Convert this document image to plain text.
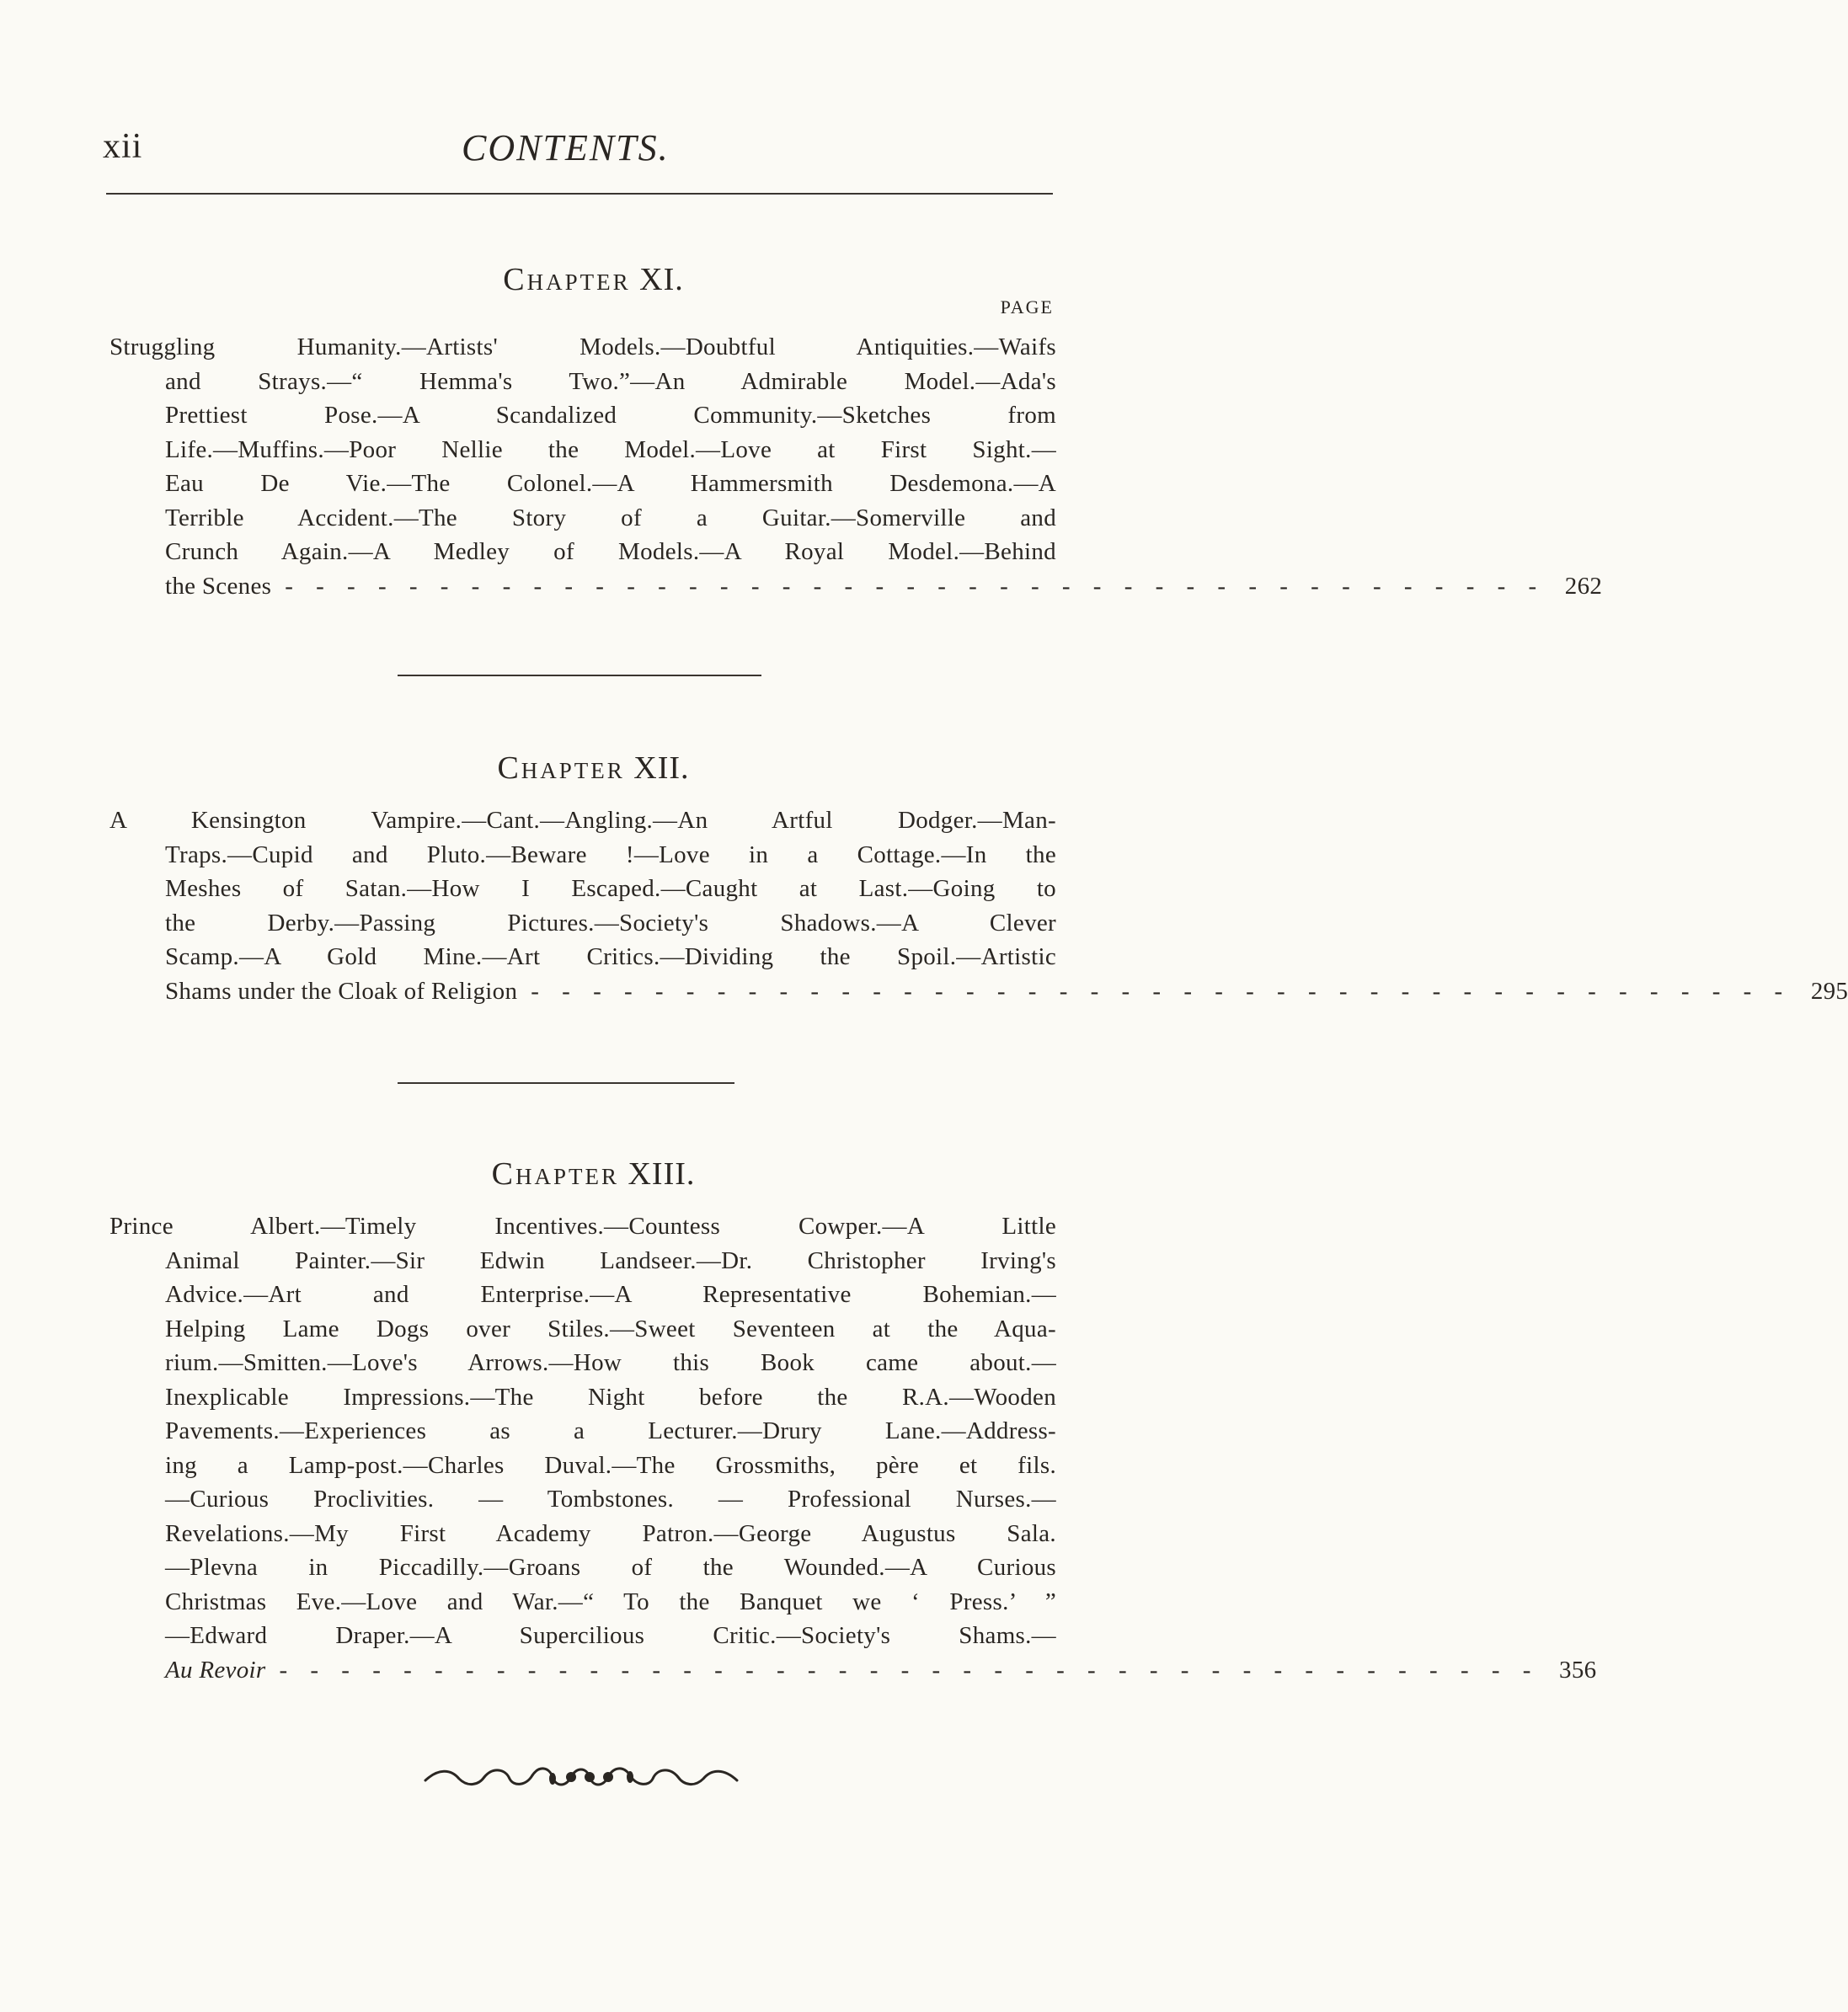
xii	CONTENTS.
Chapter XI.
PAGE
Struggling Humanity.—Artists' Models.—Doubtful Antiquities.—Waifs
and Strays.—“ Hemma's Two.”—An Admirable Model.—Ada's
Prettiest Pose.—A Scandalized Community.—Sketches from
Life.—Muffins.—Poor Nellie the Model.—Love at First Sight.—
Eau De Vie.—The Colonel.—A Hammersmith Desdemona.—A
Terrible Accident.—The Story of a Guitar.—Somerville and
Crunch Again.—A Medley of Models.—A Royal Model.—Behind
the Scenes - - - - - - - - - - - - - - - - - - - - - - - - - - - - - - - - - - - - - - - - - 262
Chapter XII.
A Kensington Vampire.—Cant.—Angling.—An Artful Dodger.—Man-
Traps.—Cupid and Pluto.—Beware !—Love in a Cottage.—In the
Meshes of Satan.—How I Escaped.—Caught at Last.—Going to
the Derby.—Passing Pictures.—Society's Shadows.—A Clever
Scamp.—A Gold Mine.—Art Critics.—Dividing the Spoil.—Artistic
Shams under the Cloak of Religion - - - - - - - - - - - - - - - - - - - - - - - - - - - - - - - - - - - - - - - - - 295
Chapter XIII.
Prince Albert.—Timely Incentives.—Countess Cowper.—A Little
Animal Painter.—Sir Edwin Landseer.—Dr. Christopher Irving's
Advice.—Art and Enterprise.—A Representative Bohemian.—
Helping Lame Dogs over Stiles.—Sweet Seventeen at the Aqua-
rium.—Smitten.—Love's Arrows.—How this Book came about.—
Inexplicable Impressions.—The Night before the R.A.—Wooden
Pavements.—Experiences as a Lecturer.—Drury Lane.—Address-
ing a Lamp-post.—Charles Duval.—The Grossmiths, père et fils.
—Curious Proclivities. — Tombstones. — Professional Nurses.—
Revelations.—My First Academy Patron.—George Augustus Sala.
—Plevna in Piccadilly.—Groans of the Wounded.—A Curious
Christmas Eve.—Love and War.—“ To the Banquet we ‘ Press.’ ”
—Edward Draper.—A Supercilious Critic.—Society's Shams.—
Au Revoir - - - - - - - - - - - - - - - - - - - - - - - - - - - - - - - - - - - - - - - - - 356
